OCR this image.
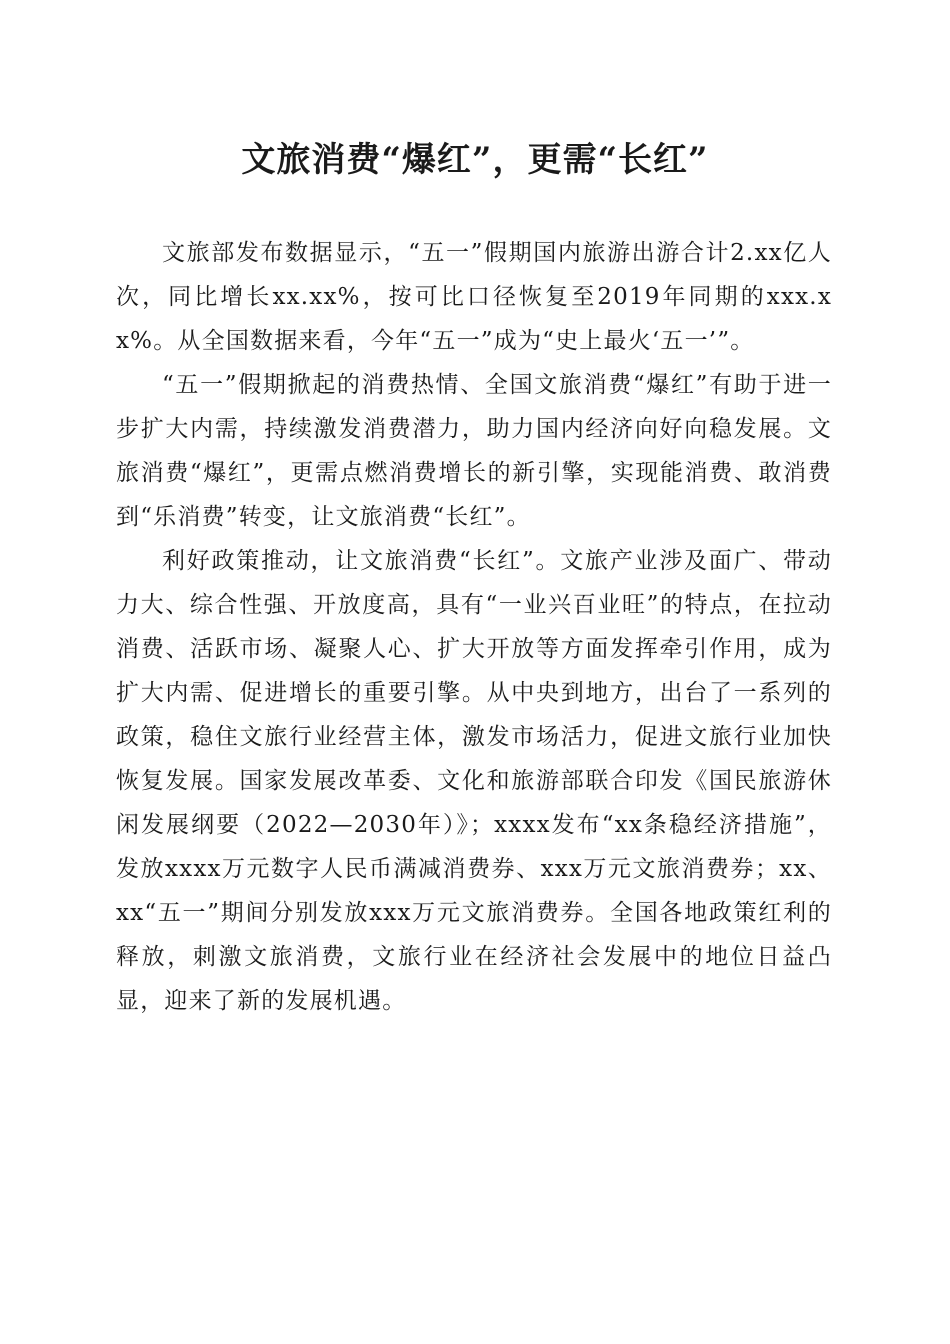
文旅消费“爆红”，更需“长红”

文旅部发布数据显示，“五一”假期国内旅游出游合计2.xx亿人次，同比增长xx.xx%，按可比口径恢复至2019年同期的xxx.xx%。从全国数据来看，今年“五一”成为“史上最火‘五一’”。

“五一”假期掀起的消费热情、全国文旅消费“爆红”有助于进一步扩大内需，持续激发消费潜力，助力国内经济向好向稳发展。文旅消费“爆红”，更需点燃消费增长的新引擎，实现能消费、敢消费到“乐消费”转变，让文旅消费“长红”。

利好政策推动，让文旅消费“长红”。文旅产业涉及面广、带动力大、综合性强、开放度高，具有“一业兴百业旺”的特点，在拉动消费、活跃市场、凝聚人心、扩大开放等方面发挥牵引作用，成为扩大内需、促进增长的重要引擎。从中央到地方，出台了一系列的政策，稳住文旅行业经营主体，激发市场活力，促进文旅行业加快恢复发展。国家发展改革委、文化和旅游部联合印发《国民旅游休闲发展纲要（2022—2030年）》；xxxx发布“xx条稳经济措施”，发放xxxx万元数字人民币满减消费券、xxx万元文旅消费券；xx、xx“五一”期间分别发放xxx万元文旅消费券。全国各地政策红利的释放，刺激文旅消费，文旅行业在经济社会发展中的地位日益凸显，迎来了新的发展机遇。
